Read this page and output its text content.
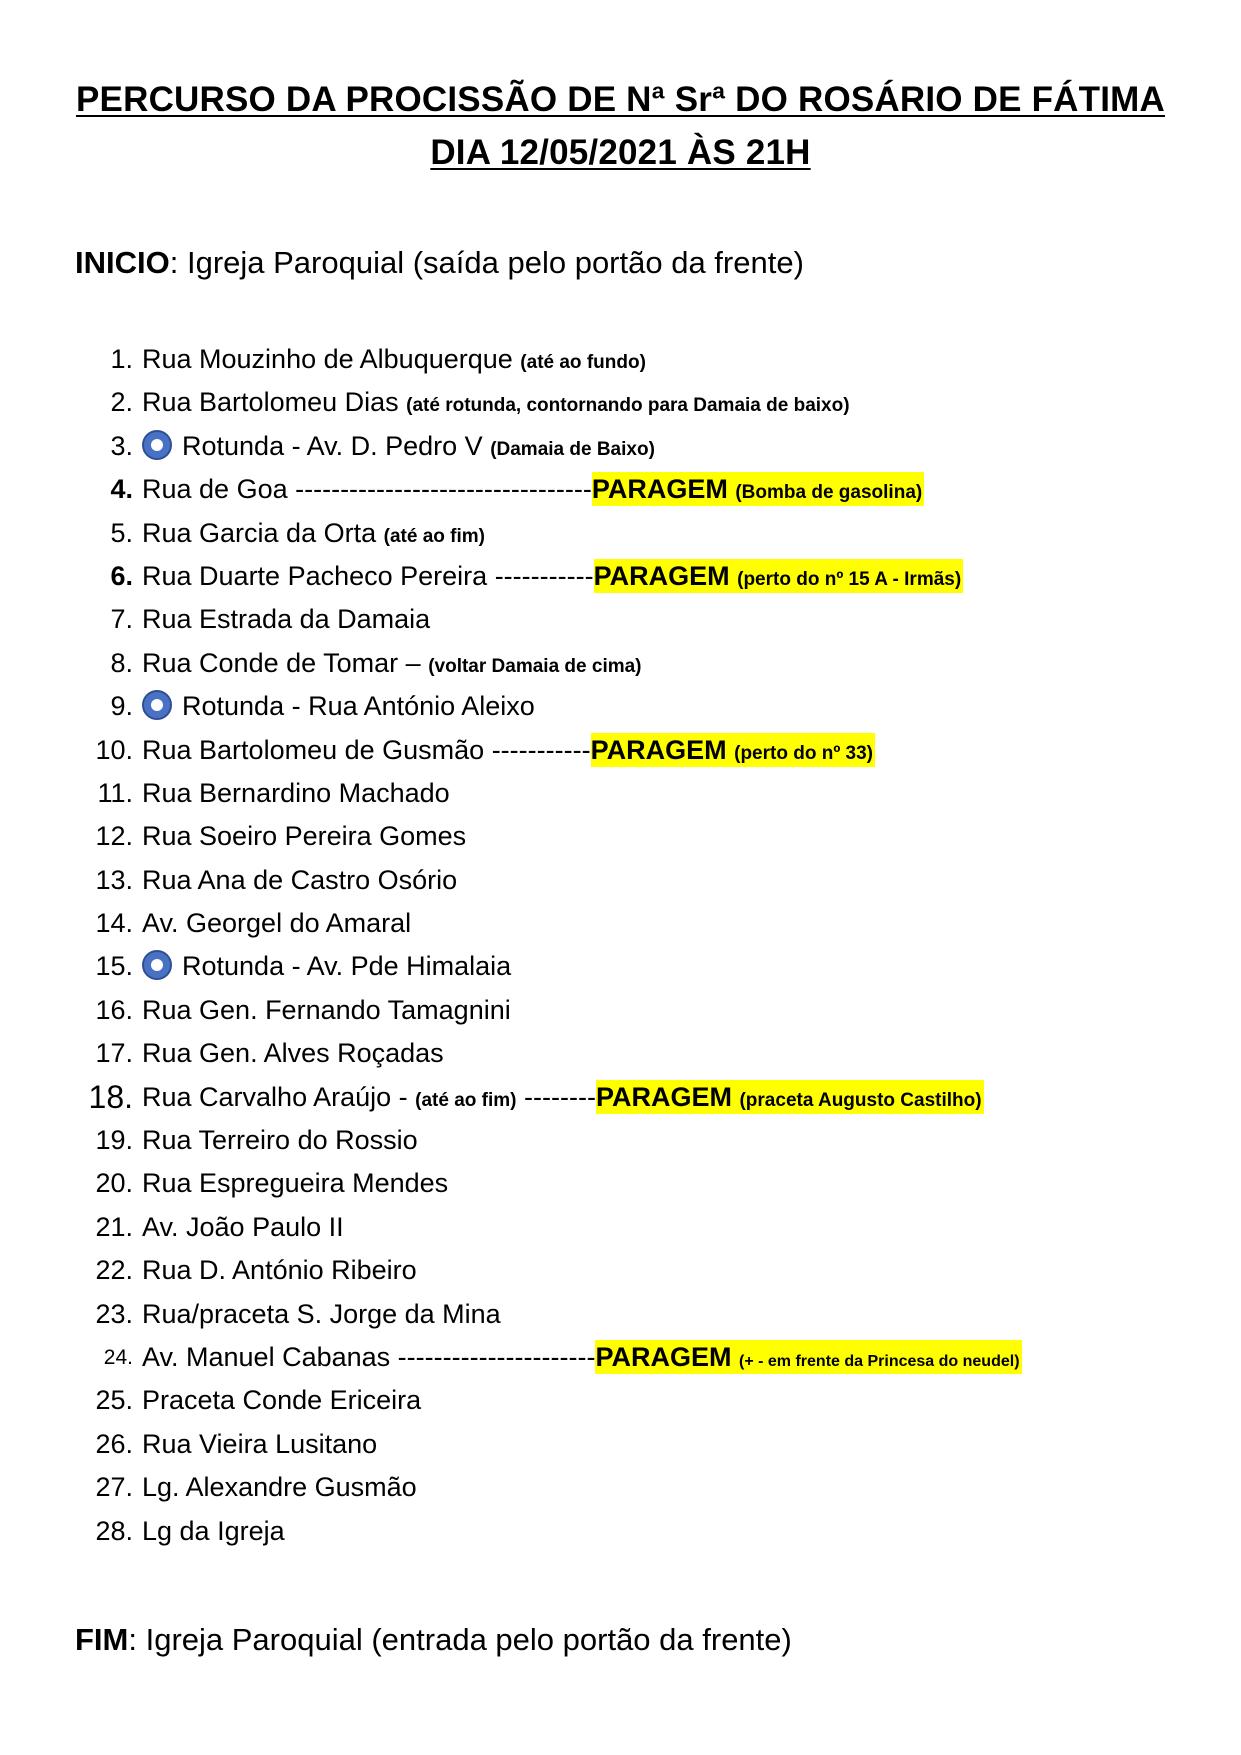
PERCURSO DA PROCISSÃO DE Nª Srª DO ROSÁRIO DE FÁTIMA
DIA 12/05/2021 ÀS 21H
INICIO: Igreja Paroquial (saída pelo portão da frente)
1. Rua Mouzinho de Albuquerque (até ao fundo)
2. Rua Bartolomeu Dias (até rotunda, contornando para Damaia de baixo)
3.	Rotunda - Av. D. Pedro V (Damaia de Baixo)
4. Rua de Goa ---------------------------------PARAGEM (Bomba de gasolina)
5. Rua Garcia da Orta (até ao fim)
6. Rua Duarte Pacheco Pereira -----------PARAGEM (perto do nº 15 A - Irmãs)
7. Rua Estrada da Damaia
8. Rua Conde de Tomar – (voltar Damaia de cima)
9.	Rotunda - Rua António Aleixo
10. Rua Bartolomeu de Gusmão -----------PARAGEM (perto do nº 33)
11. Rua Bernardino Machado
12. Rua Soeiro Pereira Gomes
13. Rua Ana de Castro Osório
14. Av. Georgel do Amaral
15.	Rotunda - Av. Pde Himalaia
16. Rua Gen. Fernando Tamagnini
17. Rua Gen. Alves Roçadas
18. Rua Carvalho Araújo - (até ao fim) --------PARAGEM (praceta Augusto Castilho)
19. Rua Terreiro do Rossio
20. Rua Espregueira Mendes
21. Av. João Paulo II
22. Rua D. António Ribeiro
23. Rua/praceta S. Jorge da Mina
24. Av. Manuel Cabanas ----------------------PARAGEM (+ - em frente da Princesa do neudel)
25. Praceta Conde Ericeira
26. Rua Vieira Lusitano
27. Lg. Alexandre Gusmão
28. Lg da Igreja
FIM: Igreja Paroquial (entrada pelo portão da frente)
